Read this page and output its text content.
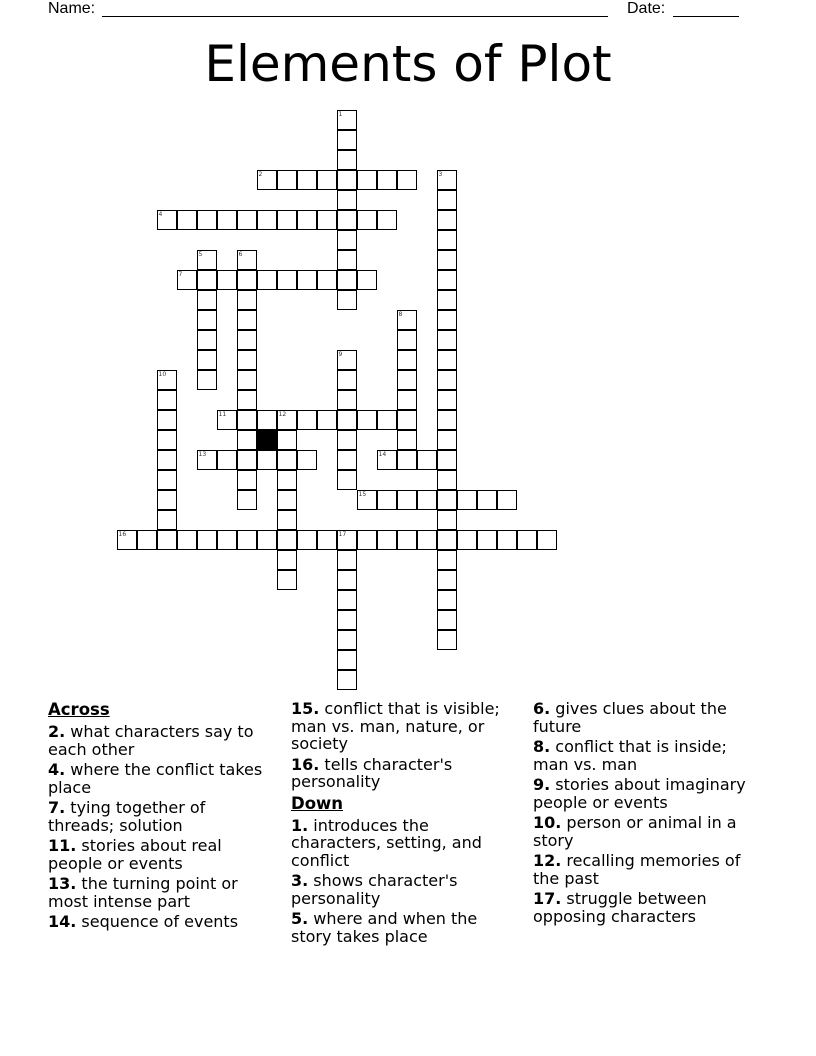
Name:	Date:
Elements of Plot
1
2	3
4
5	6
7
8
9
10
11	12
13	14
15
16	17
Across
2. what characters say to each other
4. where the conflict takes place
7. tying together of threads; solution
11. stories about real people or events
13. the turning point or most intense part
14. sequence of events
15. conflict that is visible; man vs. man, nature, or society
16. tells character's personality
Down
1. introduces the characters, setting, and conflict
3. shows character's personality
5. where and when the story takes place
6. gives clues about the future
8. conflict that is inside; man vs. man
9. stories about imaginary people or events
10. person or animal in a story
12. recalling memories of the past
17. struggle between opposing characters
